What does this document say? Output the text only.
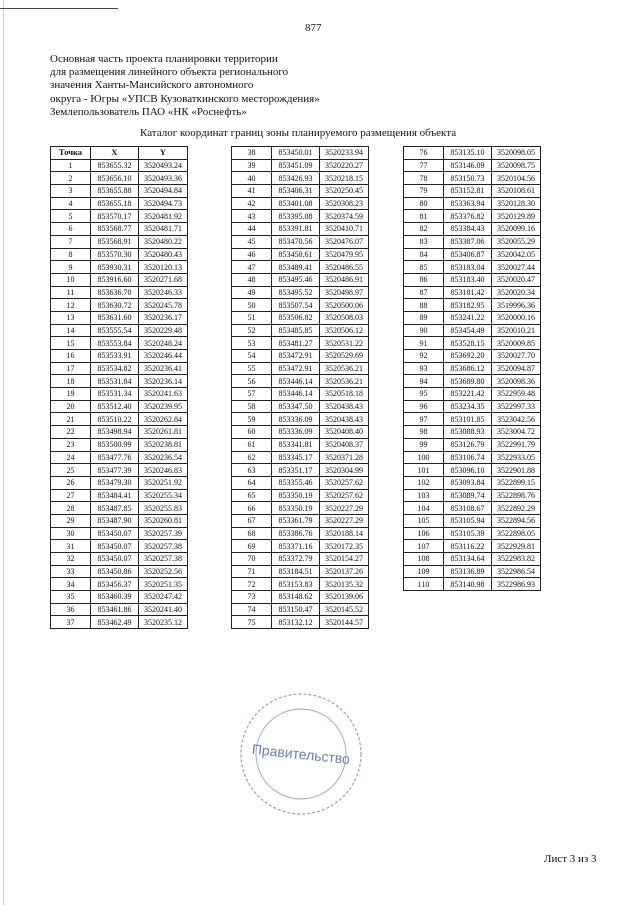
877
Основная часть проекта планировки территории
для размещения линейного объекта регионального
значения Ханты-Мансийского автономного
округа - Югры «УПСВ Кузоваткинского месторождения»
Землепользователь ПАО «НК «Роснефть»
Каталог координат границ зоны планируемого размещения объекта
Точка	X	Y
1	853655.32	3520493.24
2	853656.10	3520493.36
3	853655.88	3520494.84
4	853655.18	3520494.73
5	853570.17	3520481.92
6	853568.77	3520481.71
7	853568.91	3520480.22
8	853570.30	3520480.43
9	853930.31	3520120.13
10	853916.60	3520271.68
11	853636.70	3520246.33
12	853630.72	3520245.78
13	853631.60	3520236.17
14	853555.54	3520229.48
15	853553.84	3520248.24
16	853533.91	3520246.44
17	853534.82	3520236.41
18	853531.84	3520236.14
19	853531.34	3520241.63
20	853512.40	3520239.95
21	853510.22	3520262.84
22	853498.94	3520261.81
23	853500.99	3520238.81
24	853477.76	3520236.54
25	853477.39	3520246.83
26	853479.30	3520251.92
27	853484.41	3520255.34
28	853487.85	3520255.83
29	853487.90	3520260.81
30	853450.07	3520257.39
31	853450.07	3520257.38
32	853450.07	3520257.38
33	853450.86	3520252.56
34	853456.37	3520251.35
35	853460.39	3520247.42
36	853461.86	3520241.40
37	853462.49	3520235.12
38	853450.01	3520233.94
39	853451.09	3520220.27
40	853426.93	3520218.15
41	853406.31	3520250.45
42	853401.08	3520308.23
43	853395.08	3520374.59
44	853391.81	3520410.71
45	853470.56	3520476.07
46	853450.61	3520479.95
47	853489.41	3520486.55
48	853495.46	3520486.91
49	853495.52	3520498.97
50	853507.54	3520500.06
51	853506.82	3520508.03
52	853485.85	3520506.12
53	853481.27	3520531.22
54	853472.91	3520529.69
55	853472.91	3520536.21
56	853446.14	3520536.21
57	853446.14	3520518.18
58	853347.50	3520438.43
59	853336.09	3520438.43
60	853336.09	3520408.40
61	853341.81	3520408.37
62	853345.17	3520371.28
63	853351.17	3520304.99
64	853355.46	3520257.62
65	853350.19	3520257.62
66	853350.19	3520227.29
67	853361.79	3520227.29
68	853386.76	3520188.14
69	853371.16	3520172.35
70	853372.79	3520154.27
71	853184.51	3520137.26
72	853153.83	3520135.32
73	853148.62	3520139.06
74	853150.47	3520145.52
75	853132.12	3520144.57
76	853135.10	3520098.05
77	853146.09	3520098.75
78	853150.73	3520104.56
79	853152.81	3520108.61
80	853363.94	3520128.30
81	853376.82	3520129.89
82	853384.43	3520099.16
83	853387.06	3520055.29
84	853406.87	3520042.05
85	853183.04	3520027.44
86	853183.40	3520020.47
87	853181.42	3520020.34
88	853182.95	3519996.36
89	853241.22	3520000.16
90	853454.49	3520010.21
91	853528.15	3520009.85
92	853692.20	3520027.70
93	853686.12	3520094.87
94	853689.80	3520098.36
95	853221.42	3522959.48
96	853234.35	3522997.33
97	853101.85	3523042.56
98	853088.93	3523004.72
99	853126.79	3522991.79
100	853106.74	3522933.05
101	853096.10	3522901.88
102	853093.84	3522899.15
103	853089.74	3522898.76
104	853108.67	3522892.29
105	853105.94	3522894.56
106	853105.39	3522898.05
107	853116.22	3522929.81
108	853134.64	3522983.82
109	853136.89	3522986.54
110	853140.98	3522986.93
Правительство
Лист 3 из 3
